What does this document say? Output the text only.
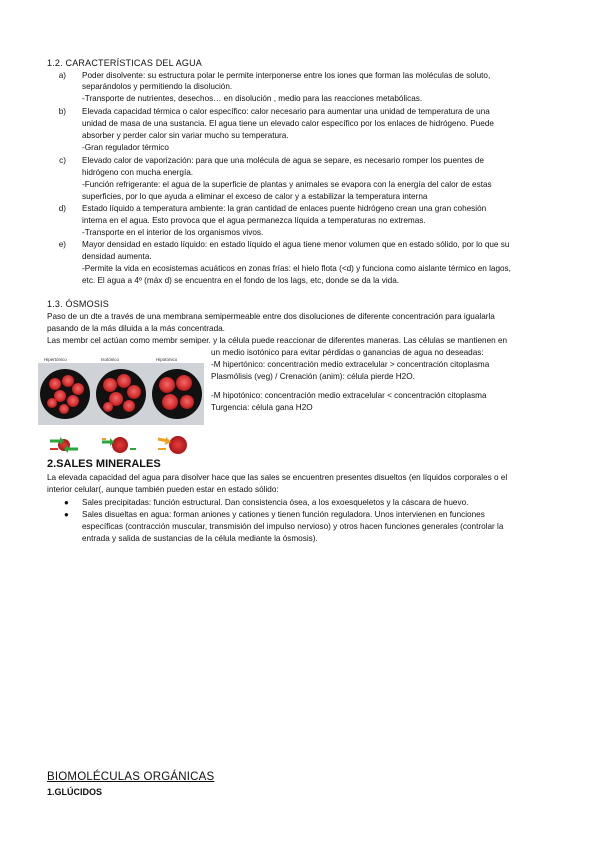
1.2. CARACTERÍSTICAS DEL AGUA
a) Poder disolvente: su estructura polar le permite interponerse entre los iones que forman las moléculas de soluto,
separándolos y permitiendo la disolución.
-Transporte de nutrientes, desechos… en disolución , medio para las reacciones metabólicas.
b) Elevada capacidad térmica o calor específico: calor necesario para aumentar una unidad de temperatura de una
unidad de masa de una sustancia. El agua tiene un elevado calor específico por los enlaces de hidrógeno. Puede
absorber y perder calor sin variar mucho su temperatura.
-Gran regulador térmico
c) Elevado calor de vaporización: para que una molécula de agua se separe, es necesario romper los puentes de
hidrógeno con mucha energía.
-Función refrigerante: el agua de la superficie de plantas y animales se evapora con la energía del calor de estas
superficies, por lo que ayuda a eliminar el exceso de calor y a estabilizar la temperatura interna
d) Estado líquido a temperatura ambiente: la gran cantidad de enlaces puente hidrógeno crean una gran cohesión
interna en el agua. Esto provoca que el agua permanezca líquida a temperaturas no extremas.
-Transporte en el interior de los organismos vivos.
e) Mayor densidad en estado líquido: en estado líquido el agua tiene menor volumen que en estado sólido, por lo que su
densidad aumenta.
-Permite la vida en ecosistemas acuáticos en zonas frías: el hielo flota (<d) y funciona como aislante térmico en lagos,
etc. El agua a 4º (máx d) se encuentra en el fondo de los lags, etc, donde se da la vida.
1.3. ÓSMOSIS
Paso de un dte a través de una membrana semipermeable entre dos disoluciones de diferente concentración para igualarla
pasando de la más diluida a la más concentrada.
Las membr cel actúan como membr semiper. y la célula puede reaccionar de diferentes maneras. Las células se mantienen en
un medio isotónico para evitar pérdidas o ganancias de agua no deseadas:
-M hipertónico: concentración medio extracelular > concentración citoplasma
Plasmólisis (veg) / Crenación (anim): célula pierde H2O.
-M hipotónico: concentración medio extracelular < concentración citoplasma
Turgencia: célula gana H2O
Hipertónico	Isotónico	Hipotónico
2.SALES MINERALES
La elevada capacidad del agua para disolver hace que las sales se encuentren presentes disueltos (en líquidos corporales o el
interior celular(, aunque también pueden estar en estado sólido:
● Sales precipitadas: función estructural. Dan consistencia ósea, a los exoesqueletos y la cáscara de huevo.
● Sales disueltas en agua: forman aniones y cationes y tienen función reguladora. Unos intervienen en funciones
específicas (contracción muscular, transmisión del impulso nervioso) y otros hacen funciones generales (controlar la
entrada y salida de sustancias de la célula mediante la ósmosis).
BIOMOLÉCULAS ORGÁNICAS
1.GLÚCIDOS
